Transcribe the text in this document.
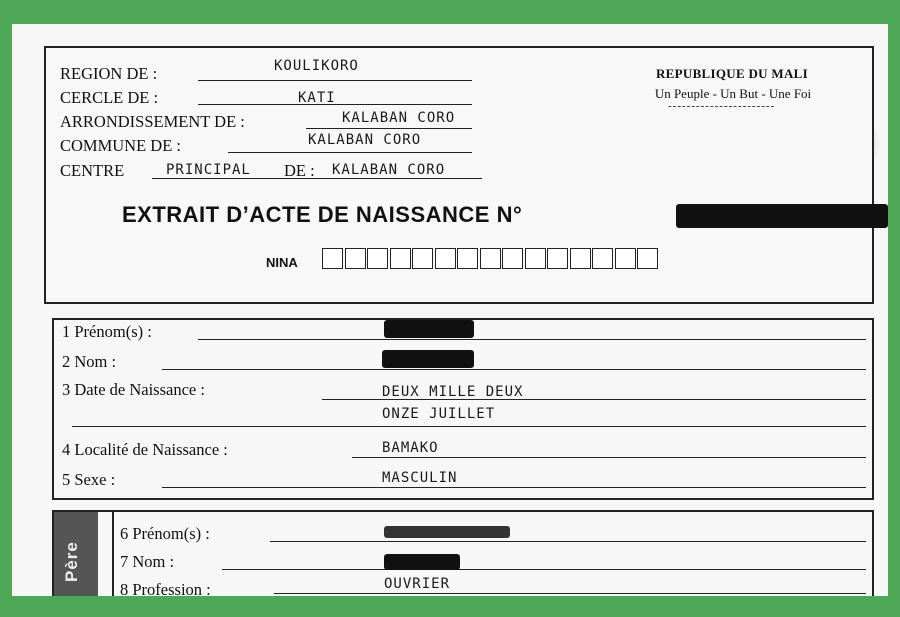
REGION DE :	KOULIKORO
CERCLE DE :	KATI
ARRONDISSEMENT DE :	KALABAN CORO
COMMUNE DE :	KALABAN CORO
CENTRE	PRINCIPAL DE : KALABAN CORO
REPUBLIQUE DU MALI
Un Peuple - Un But - Une Foi
-----------------------
EXTRAIT D’ACTE DE NAISSANCE N°
NINA
1 Prénom(s) :
2 Nom :
3 Date de Naissance :	DEUX MILLE DEUX
ONZE JUILLET
4 Localité de Naissance :	BAMAKO
5 Sexe :	MASCULIN
Père
6 Prénom(s) :
7 Nom :
8 Profession :	OUVRIER
